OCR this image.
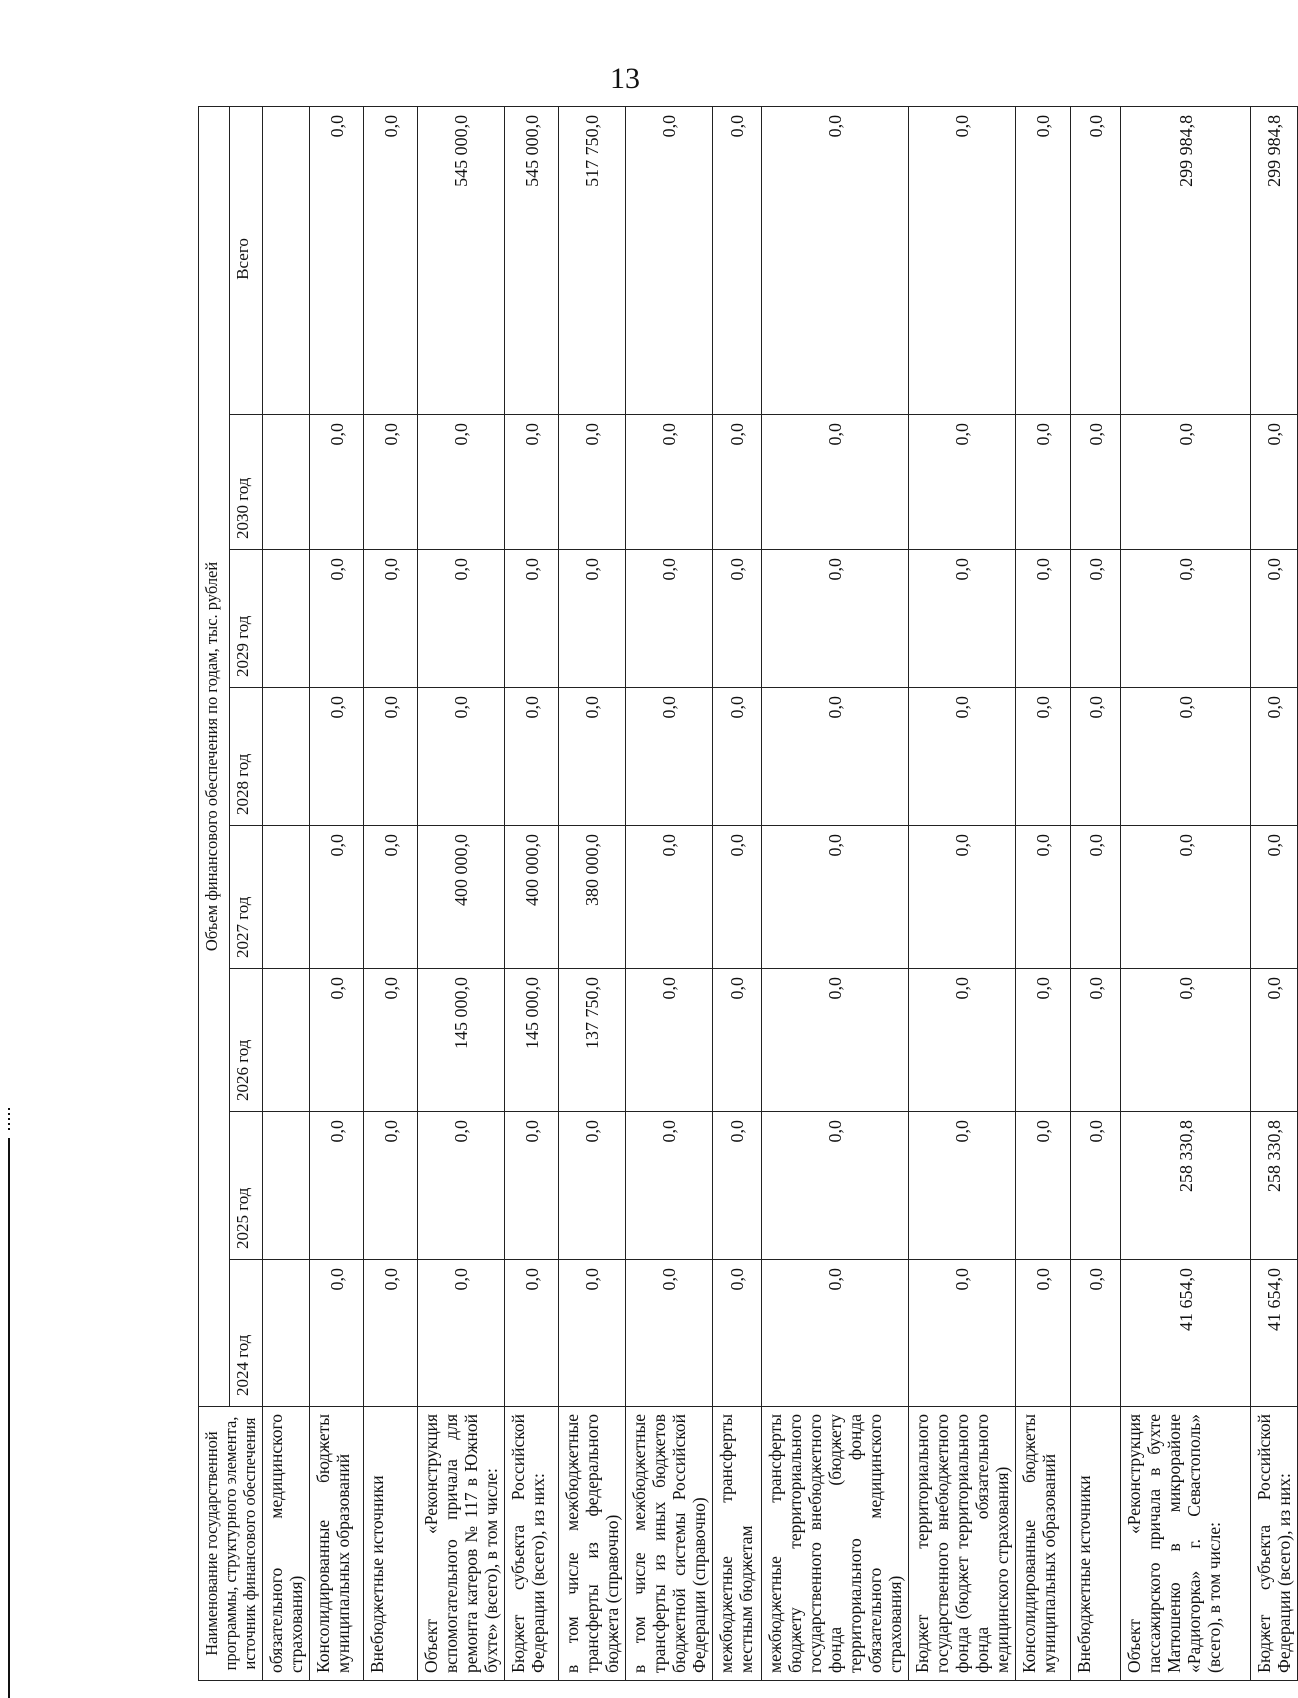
13
Наименование государственной программы, структурного элемента, источник финансового обеспечения	Объем финансового обеспечения по годам, тыс. рублей							
	2024 год	2025 год	2026 год	2027 год	2028 год	2029 год	2030 год	Всего
обязательного медицинского страхования)								
Консолидированные бюджеты муниципальных образований	0,0	0,0	0,0	0,0	0,0	0,0	0,0	0,0
Внебюджетные источники	0,0	0,0	0,0	0,0	0,0	0,0	0,0	0,0
Объект «Реконструкция вспомогательного причала для ремонта катеров № 117 в Южной бухте» (всего), в том числе:	0,0	0,0	145 000,0	400 000,0	0,0	0,0	0,0	545 000,0
Бюджет субъекта Российской Федерации (всего), из них:	0,0	0,0	145 000,0	400 000,0	0,0	0,0	0,0	545 000,0
в том числе межбюджетные трансферты из федерального бюджета (справочно)	0,0	0,0	137 750,0	380 000,0	0,0	0,0	0,0	517 750,0
в том числе межбюджетные трансферты из иных бюджетов бюджетной системы Российской Федерации (справочно)	0,0	0,0	0,0	0,0	0,0	0,0	0,0	0,0
межбюджетные трансферты местным бюджетам	0,0	0,0	0,0	0,0	0,0	0,0	0,0	0,0
межбюджетные трансферты бюджету территориального государственного внебюджетного фонда (бюджету территориального фонда обязательного медицинского страхования)	0,0	0,0	0,0	0,0	0,0	0,0	0,0	0,0
Бюджет территориального государственного внебюджетного фонда (бюджет территориального фонда обязательного медицинского страхования)	0,0	0,0	0,0	0,0	0,0	0,0	0,0	0,0
Консолидированные бюджеты муниципальных образований	0,0	0,0	0,0	0,0	0,0	0,0	0,0	0,0
Внебюджетные источники	0,0	0,0	0,0	0,0	0,0	0,0	0,0	0,0
Объект «Реконструкция пассажирского причала в бухте Матюшенко в микрорайоне «Радиогорка» г. Севастополь» (всего), в том числе:	41 654,0	258 330,8	0,0	0,0	0,0	0,0	0,0	299 984,8
Бюджет субъекта Российской Федерации (всего), из них:	41 654,0	258 330,8	0,0	0,0	0,0	0,0	0,0	299 984,8
